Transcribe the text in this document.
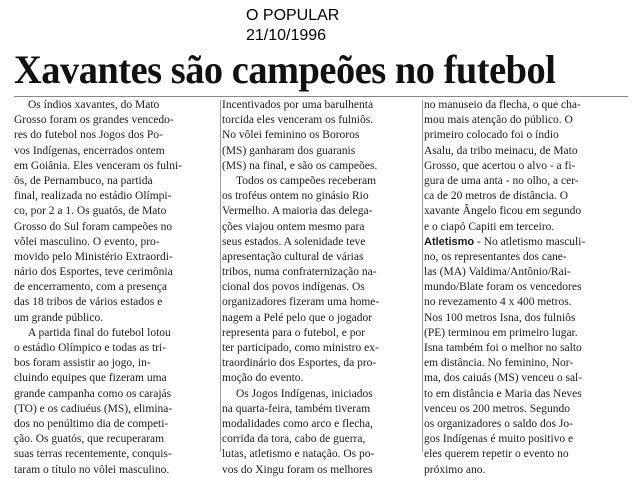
O POPULAR
21/10/1996
Xavantes são campeões no futebol
Os índios xavantes, do Mato
Grosso foram os grandes vencedo-
res do futebol nos Jogos dos Po-
vos Indígenas, encerrados ontem
em Goiânia. Eles venceram os fulni-
ôs, de Pernambuco, na partida
final, realizada no estádio Olímpi-
co, por 2 a 1. Os guatós, de Mato
Grosso do Sul foram campeões no
vôlei masculino. O evento, pro-
movido pelo Ministério Extraordi-
nário dos Esportes, teve cerimônia
de encerramento, com a presença
das 18 tribos de vários estados e
um grande público.
A partida final do futebol lotou
o estádio Olímpico e todas as tri-
bos foram assistir ao jogo, in-
cluindo equipes que fizeram uma
grande campanha como os carajás
(TO) e os cadiuéus (MS), elimina-
dos no penúltimo dia de competi-
ção. Os guatós, que recuperaram
suas terras recentemente, conquis-
taram o título no vôlei masculino.
Incentivados por uma barulhenta
torcida eles venceram os fulniôs.
No vôlei feminino os Bororos
(MS) ganharam dos guaranis
(MS) na final, e são os campeões.
Todos os campeões receberam
os troféus ontem no ginásio Rio
Vermelho. A maioria das delega-
ções viajou ontem mesmo para
seus estados. A solenidade teve
apresentação cultural de várias
tribos, numa confraternização na-
cional dos povos indígenas. Os
organizadores fizeram uma home-
nagem a Pelé pelo que o jogador
representa para o futebol, e por
ter participado, como ministro ex-
traordinário dos Esportes, da pro-
moção do evento.
Os Jogos Indígenas, iniciados
na quarta-feira, também tiveram
modalidades como arco e flecha,
corrida da tora, cabo de guerra,
lutas, atletismo e natação. Os po-
vos do Xingu foram os melhores
no manuseio da flecha, o que cha-
mou mais atenção do público. O
primeiro colocado foi o índio
Asalu, da tribo meinacu, de Mato
Grosso, que acertou o alvo - a fi-
gura de uma anta - no olho, a cer-
ca de 20 metros de distância. O
xavante Ângelo ficou em segundo
e o ciapó Capiti em terceiro.
Atletismo - No atletismo masculi-
no, os representantes dos cane-
las (MA) Valdima/Antônio/Rai-
mundo/Blate foram os vencedores
no revezamento 4 x 400 metros.
Nos 100 metros Isna, dos fulniôs
(PE) terminou em primeiro lugar.
Isna também foi o melhor no salto
em distância. No feminino, Nor-
ma, dos caiuás (MS) venceu o sal-
to em distância e Maria das Neves
venceu os 200 metros. Segundo
os organizadores o saldo dos Jo-
gos Indígenas é muito positivo e
eles querem repetir o evento no
próximo ano.
